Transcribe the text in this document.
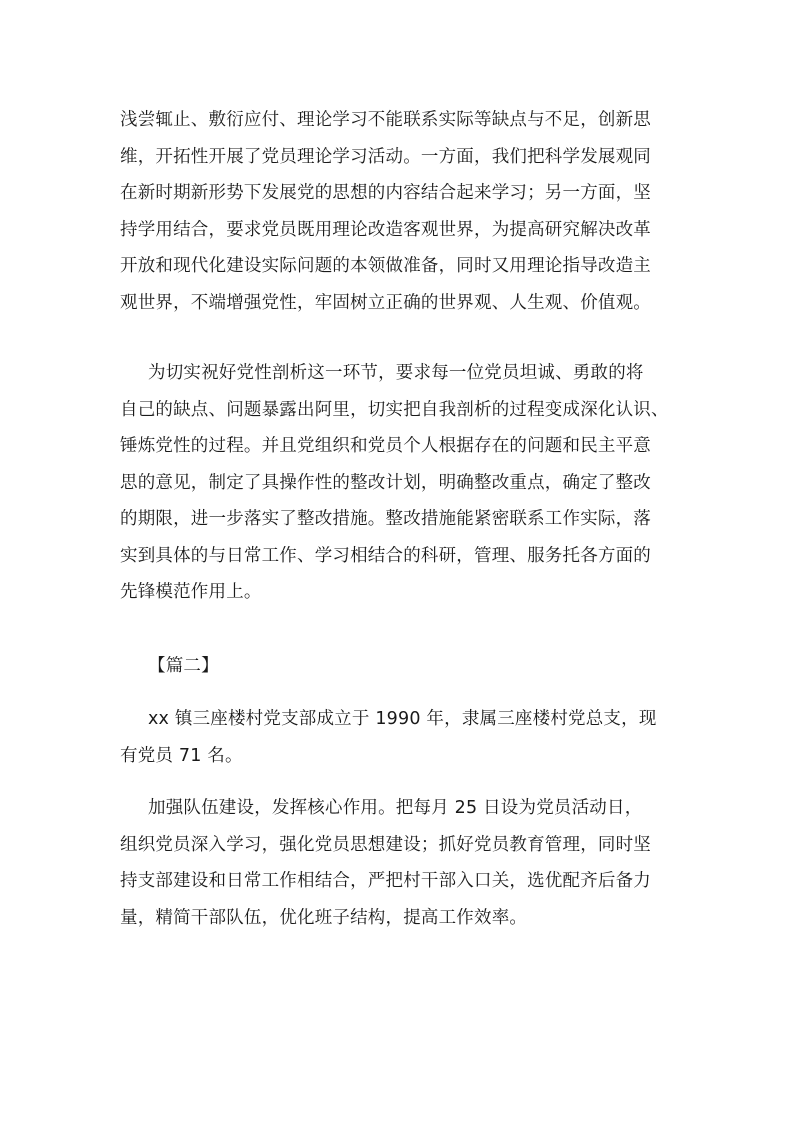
浅尝辄止、敷衍应付、理论学习不能联系实际等缺点与不足，创新思
维，开拓性开展了党员理论学习活动。一方面，我们把科学发展观同
在新时期新形势下发展党的思想的内容结合起来学习；另一方面，坚
持学用结合，要求党员既用理论改造客观世界，为提高研究解决改革
开放和现代化建设实际问题的本领做准备，同时又用理论指导改造主
观世界，不端增强党性，牢固树立正确的世界观、人生观、价值观。
为切实祝好党性剖析这一环节，要求每一位党员坦诚、勇敢的将
自己的缺点、问题暴露出阿里，切实把自我剖析的过程变成深化认识、
锤炼党性的过程。并且党组织和党员个人根据存在的问题和民主平意
思的意见，制定了具操作性的整改计划，明确整改重点，确定了整改
的期限，进一步落实了整改措施。整改措施能紧密联系工作实际，落
实到具体的与日常工作、学习相结合的科研，管理、服务托各方面的
先锋模范作用上。
【篇二】
xx 镇三座楼村党支部成立于 1990 年，隶属三座楼村党总支，现
有党员 71 名。
加强队伍建设，发挥核心作用。把每月 25 日设为党员活动日，
组织党员深入学习，强化党员思想建设；抓好党员教育管理，同时坚
持支部建设和日常工作相结合，严把村干部入口关，选优配齐后备力
量，精简干部队伍，优化班子结构，提高工作效率。
